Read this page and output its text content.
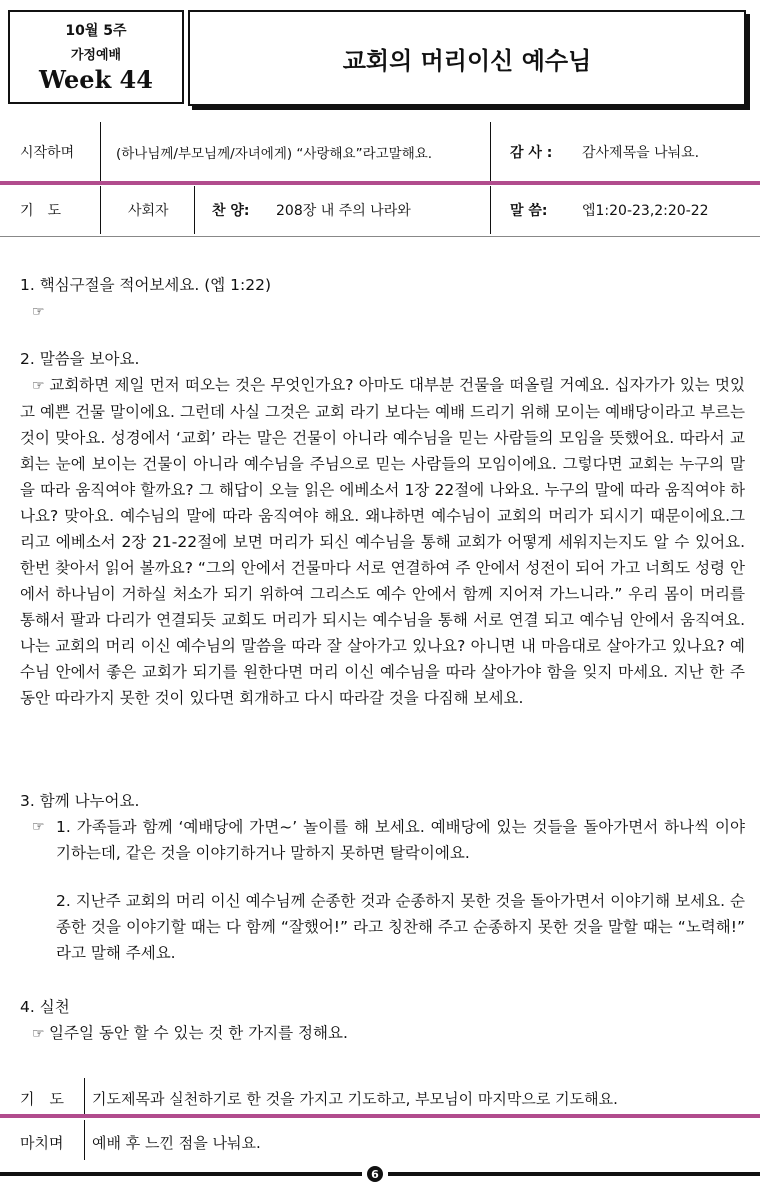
10월 5주
가정예배
Week 44
교회의 머리이신 예수님
시작하며	(하나님께/부모님께/자녀에게) “사랑해요”라고말해요.	감 사 : 감사제목을 나눠요.
기　도	사회자	찬 양: 208장 내 주의 나라와	말 씀: 엡1:20-23,2:20-22

1. 핵심구절을 적어보세요. (엡 1:22)

☞

2. 말씀을 보아요.

☞ 교회하면 제일 먼저 떠오는 것은 무엇인가요? 아마도 대부분 건물을 떠올릴 거예요. 십자가가 있는 멋있고 예쁜 건물 말이에요. 그런데 사실 그것은 교회 라기 보다는 예배 드리기 위해 모이는 예배당이라고 부르는 것이 맞아요. 성경에서 ‘교회’ 라는 말은 건물이 아니라 예수님을 믿는 사람들의 모임을 뜻했어요. 따라서 교회는 눈에 보이는 건물이 아니라 예수님을 주님으로 믿는 사람들의 모임이에요. 그렇다면 교회는 누구의 말을 따라 움직여야 할까요? 그 해답이 오늘 읽은 에베소서 1장 22절에 나와요. 누구의 말에 따라 움직여야 하나요? 맞아요. 예수님의 말에 따라 움직여야 해요. 왜냐하면 예수님이 교회의 머리가 되시기 때문이에요.그리고 에베소서 2장 21-22절에 보면 머리가 되신 예수님을 통해 교회가 어떻게 세워지는지도 알 수 있어요. 한번 찾아서 읽어 볼까요? “그의 안에서 건물마다 서로 연결하여 주 안에서 성전이 되어 가고 너희도 성령 안에서 하나님이 거하실 처소가 되기 위하여 그리스도 예수 안에서 함께 지어져 가느니라.” 우리 몸이 머리를 통해서 팔과 다리가 연결되듯 교회도 머리가 되시는 예수님을 통해 서로 연결 되고 예수님 안에서 움직여요. 나는 교회의 머리 이신 예수님의 말씀을 따라 잘 살아가고 있나요? 아니면 내 마음대로 살아가고 있나요? 예수님 안에서 좋은 교회가 되기를 원한다면 머리 이신 예수님을 따라 살아가야 함을 잊지 마세요. 지난 한 주 동안 따라가지 못한 것이 있다면 회개하고 다시 따라갈 것을 다짐해 보세요.

3. 함께 나누어요.

☞ 1. 가족들과 함께 ‘예배당에 가면~’ 놀이를 해 보세요. 예배당에 있는 것들을 돌아가면서 하나씩 이야기하는데, 같은 것을 이야기하거나 말하지 못하면 탈락이에요.

2. 지난주 교회의 머리 이신 예수님께 순종한 것과 순종하지 못한 것을 돌아가면서 이야기해 보세요. 순종한 것을 이야기할 때는 다 함께 “잘했어!” 라고 칭찬해 주고 순종하지 못한 것을 말할 때는 “노력해!” 라고 말해 주세요.

4. 실천

☞ 일주일 동안 할 수 있는 것 한 가지를 정해요.

기　도 기도제목과 실천하기로 한 것을 가지고 기도하고, 부모님이 마지막으로 기도해요.
마치며 예배 후 느낀 점을 나눠요.
6
